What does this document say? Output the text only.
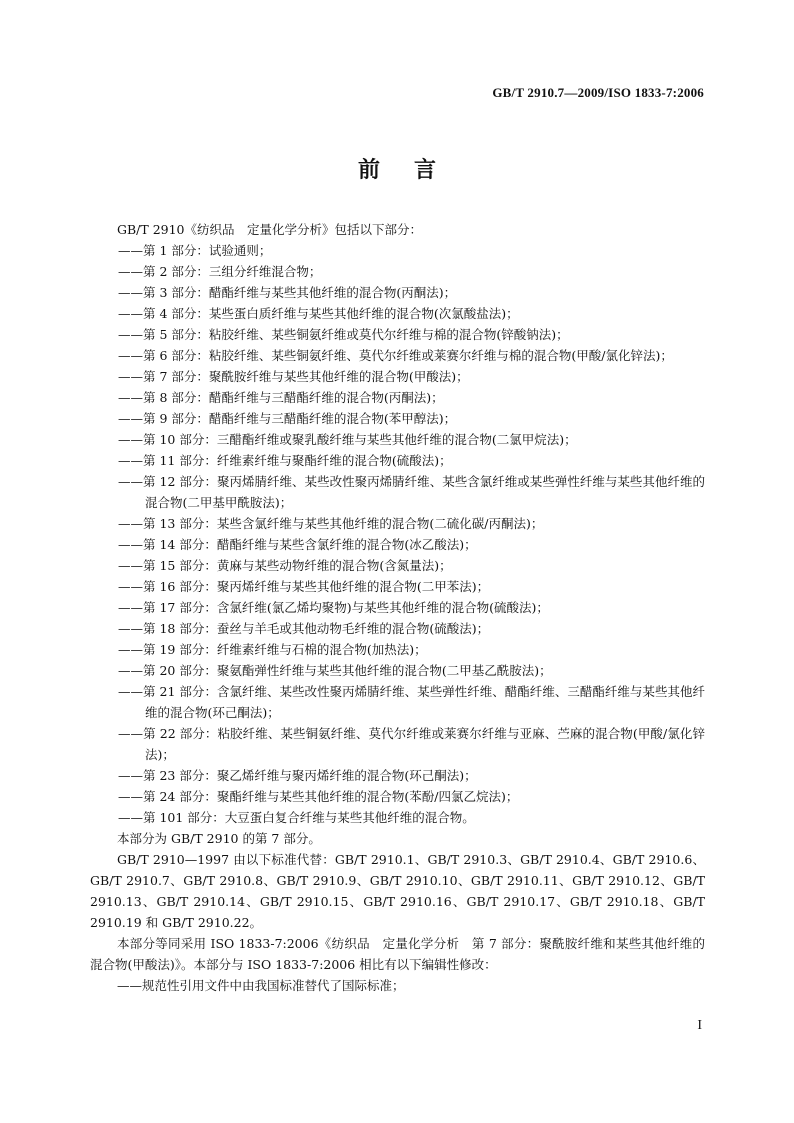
GB/T 2910.7—2009/ISO 1833-7:2006
前言

GB/T 2910《纺织品　定量化学分析》包括以下部分：

——第 1 部分：试验通则；

——第 2 部分：三组分纤维混合物；

——第 3 部分：醋酯纤维与某些其他纤维的混合物(丙酮法)；

——第 4 部分：某些蛋白质纤维与某些其他纤维的混合物(次氯酸盐法)；

——第 5 部分：粘胶纤维、某些铜氨纤维或莫代尔纤维与棉的混合物(锌酸钠法)；

——第 6 部分：粘胶纤维、某些铜氨纤维、莫代尔纤维或莱赛尔纤维与棉的混合物(甲酸/氯化锌法)；

——第 7 部分：聚酰胺纤维与某些其他纤维的混合物(甲酸法)；

——第 8 部分：醋酯纤维与三醋酯纤维的混合物(丙酮法)；

——第 9 部分：醋酯纤维与三醋酯纤维的混合物(苯甲醇法)；

——第 10 部分：三醋酯纤维或聚乳酸纤维与某些其他纤维的混合物(二氯甲烷法)；

——第 11 部分：纤维素纤维与聚酯纤维的混合物(硫酸法)；

——第 12 部分：聚丙烯腈纤维、某些改性聚丙烯腈纤维、某些含氯纤维或某些弹性纤维与某些其他纤维的混合物(二甲基甲酰胺法)；

——第 13 部分：某些含氯纤维与某些其他纤维的混合物(二硫化碳/丙酮法)；

——第 14 部分：醋酯纤维与某些含氯纤维的混合物(冰乙酸法)；

——第 15 部分：黄麻与某些动物纤维的混合物(含氮量法)；

——第 16 部分：聚丙烯纤维与某些其他纤维的混合物(二甲苯法)；

——第 17 部分：含氯纤维(氯乙烯均聚物)与某些其他纤维的混合物(硫酸法)；

——第 18 部分：蚕丝与羊毛或其他动物毛纤维的混合物(硫酸法)；

——第 19 部分：纤维素纤维与石棉的混合物(加热法)；

——第 20 部分：聚氨酯弹性纤维与某些其他纤维的混合物(二甲基乙酰胺法)；

——第 21 部分：含氯纤维、某些改性聚丙烯腈纤维、某些弹性纤维、醋酯纤维、三醋酯纤维与某些其他纤维的混合物(环己酮法)；

——第 22 部分：粘胶纤维、某些铜氨纤维、莫代尔纤维或莱赛尔纤维与亚麻、苎麻的混合物(甲酸/氯化锌法)；

——第 23 部分：聚乙烯纤维与聚丙烯纤维的混合物(环己酮法)；

——第 24 部分：聚酯纤维与某些其他纤维的混合物(苯酚/四氯乙烷法)；

——第 101 部分：大豆蛋白复合纤维与某些其他纤维的混合物。

本部分为 GB/T 2910 的第 7 部分。

GB/T 2910—1997 由以下标准代替：GB/T 2910.1、GB/T 2910.3、GB/T 2910.4、GB/T 2910.6、GB/T 2910.7、GB/T 2910.8、GB/T 2910.9、GB/T 2910.10、GB/T 2910.11、GB/T 2910.12、GB/T 2910.13、GB/T 2910.14、GB/T 2910.15、GB/T 2910.16、GB/T 2910.17、GB/T 2910.18、GB/T 2910.19 和 GB/T 2910.22。

本部分等同采用 ISO 1833-7:2006《纺织品　定量化学分析　第 7 部分：聚酰胺纤维和某些其他纤维的混合物(甲酸法)》。本部分与 ISO 1833-7:2006 相比有以下编辑性修改：

——规范性引用文件中由我国标准替代了国际标准；

I
